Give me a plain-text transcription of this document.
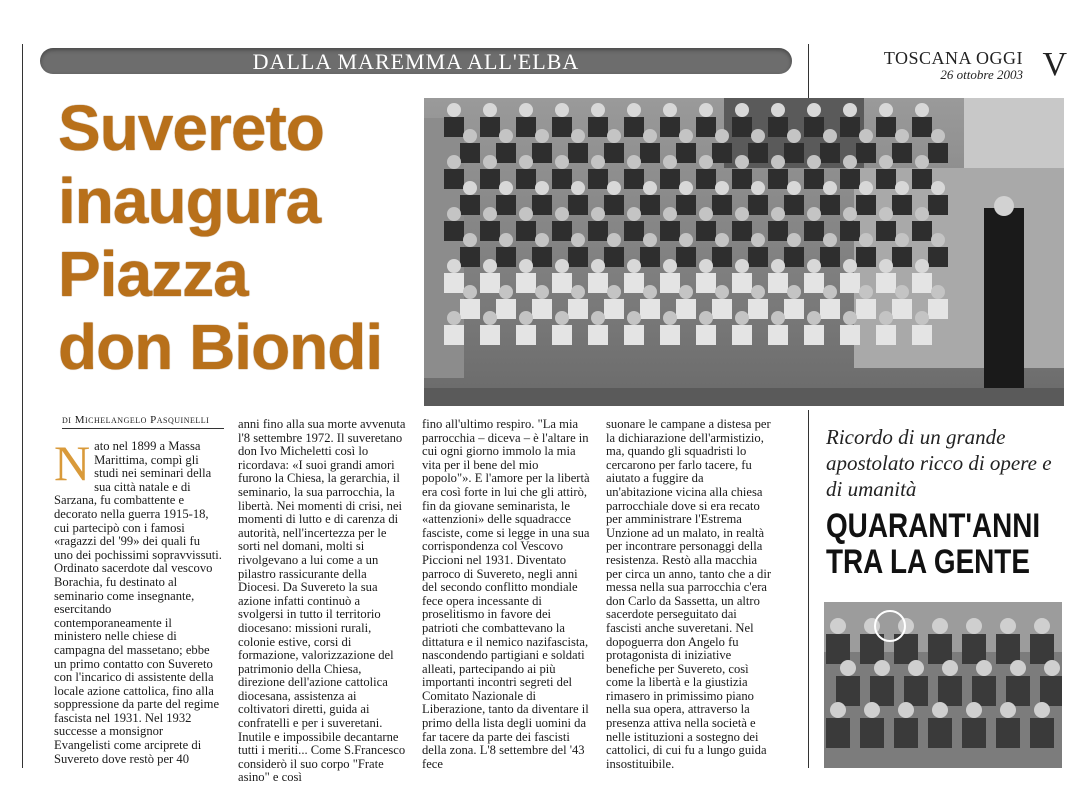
DALLA MAREMMA ALL'ELBA	TOSCANA OGGI
26 ottobre 2003 V
Suvereto
inaugura
Piazza
don Biondi
di Michelangelo Pasquinelli
Nato nel 1899 a Massa Marittima, compì gli studi nei seminari della sua città natale e di Sarzana, fu combattente e decorato nella guerra 1915-18, cui partecipò con i famosi «ragazzi del '99» dei quali fu uno dei pochissimi sopravvissuti. Ordinato sacerdote dal vescovo Borachia, fu destinato al seminario come insegnante, esercitando contemporaneamente il ministero nelle chiese di campagna del massetano; ebbe un primo contatto con Suvereto con l'incarico di assistente della locale azione cattolica, fino alla soppressione da parte del regime fascista nel 1931. Nel 1932 successe a monsignor Evangelisti come arciprete di Suvereto dove restò per 40
anni fino alla sua morte avvenuta l'8 settembre 1972. Il suveretano don Ivo Micheletti così lo ricordava: «I suoi grandi amori furono la Chiesa, la gerarchia, il seminario, la sua parrocchia, la libertà. Nei momenti di crisi, nei momenti di lutto e di carenza di autorità, nell'incertezza per le sorti nel domani, molti si rivolgevano a lui come a un pilastro rassicurante della Diocesi. Da Suvereto la sua azione infatti continuò a svolgersi in tutto il territorio diocesano: missioni rurali, colonie estive, corsi di formazione, valorizzazione del patrimonio della Chiesa, direzione dell'azione cattolica diocesana, assistenza ai coltivatori diretti, guida ai confratelli e per i suveretani. Inutile e impossibile decantarne tutti i meriti... Come S.Francesco considerò il suo corpo "Frate asino" e così
fino all'ultimo respiro. "La mia parrocchia – diceva – è l'altare in cui ogni giorno immolo la mia vita per il bene del mio popolo"». E l'amore per la libertà era così forte in lui che gli attirò, fin da giovane seminarista, le «attenzioni» delle squadracce fasciste, come si legge in una sua corrispondenza col Vescovo Piccioni nel 1931. Diventato parroco di Suvereto, negli anni del secondo conflitto mondiale fece opera incessante di proselitismo in favore dei patrioti che combattevano la dittatura e il nemico nazifascista, nascondendo partigiani e soldati alleati, partecipando ai più importanti incontri segreti del Comitato Nazionale di Liberazione, tanto da diventare il primo della lista degli uomini da far tacere da parte dei fascisti della zona. L'8 settembre del '43 fece
suonare le campane a distesa per la dichiarazione dell'armistizio, ma, quando gli squadristi lo cercarono per farlo tacere, fu aiutato a fuggire da un'abitazione vicina alla chiesa parrocchiale dove si era recato per amministrare l'Estrema Unzione ad un malato, in realtà per incontrare personaggi della resistenza. Restò alla macchia per circa un anno, tanto che a dir messa nella sua parrocchia c'era don Carlo da Sassetta, un altro sacerdote perseguitato dai fascisti anche suveretani. Nel dopoguerra don Angelo fu protagonista di iniziative benefiche per Suvereto, così come la libertà e la giustizia rimasero in primissimo piano nella sua opera, attraverso la presenza attiva nella società e nelle istituzioni a sostegno dei cattolici, di cui fu a lungo guida insostituibile.
Ricordo di un grande apostolato ricco di opere e di umanità
QUARANT'ANNI TRA LA GENTE
